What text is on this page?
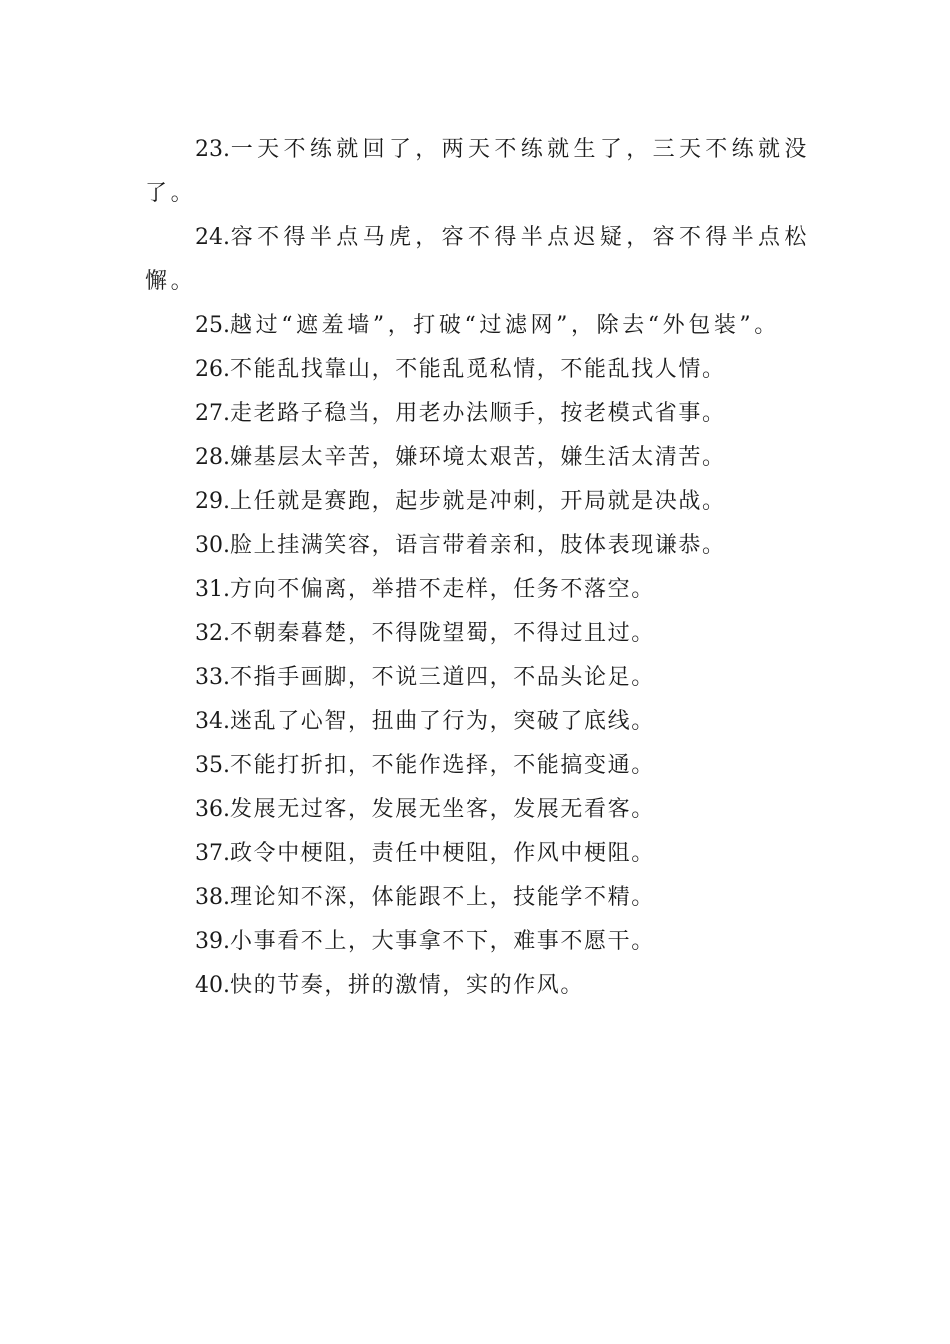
23.一天不练就回了，两天不练就生了，三天不练就没了。

24.容不得半点马虎，容不得半点迟疑，容不得半点松懈。

25.越过“遮羞墙”，打破“过滤网”，除去“外包装”。

26.不能乱找靠山，不能乱觅私情，不能乱找人情。

27.走老路子稳当，用老办法顺手，按老模式省事。

28.嫌基层太辛苦，嫌环境太艰苦，嫌生活太清苦。

29.上任就是赛跑，起步就是冲刺，开局就是决战。

30.脸上挂满笑容，语言带着亲和，肢体表现谦恭。

31.方向不偏离，举措不走样，任务不落空。

32.不朝秦暮楚，不得陇望蜀，不得过且过。

33.不指手画脚，不说三道四，不品头论足。

34.迷乱了心智，扭曲了行为，突破了底线。

35.不能打折扣，不能作选择，不能搞变通。

36.发展无过客，发展无坐客，发展无看客。

37.政令中梗阻，责任中梗阻，作风中梗阻。

38.理论知不深，体能跟不上，技能学不精。

39.小事看不上，大事拿不下，难事不愿干。

40.快的节奏，拼的激情，实的作风。
